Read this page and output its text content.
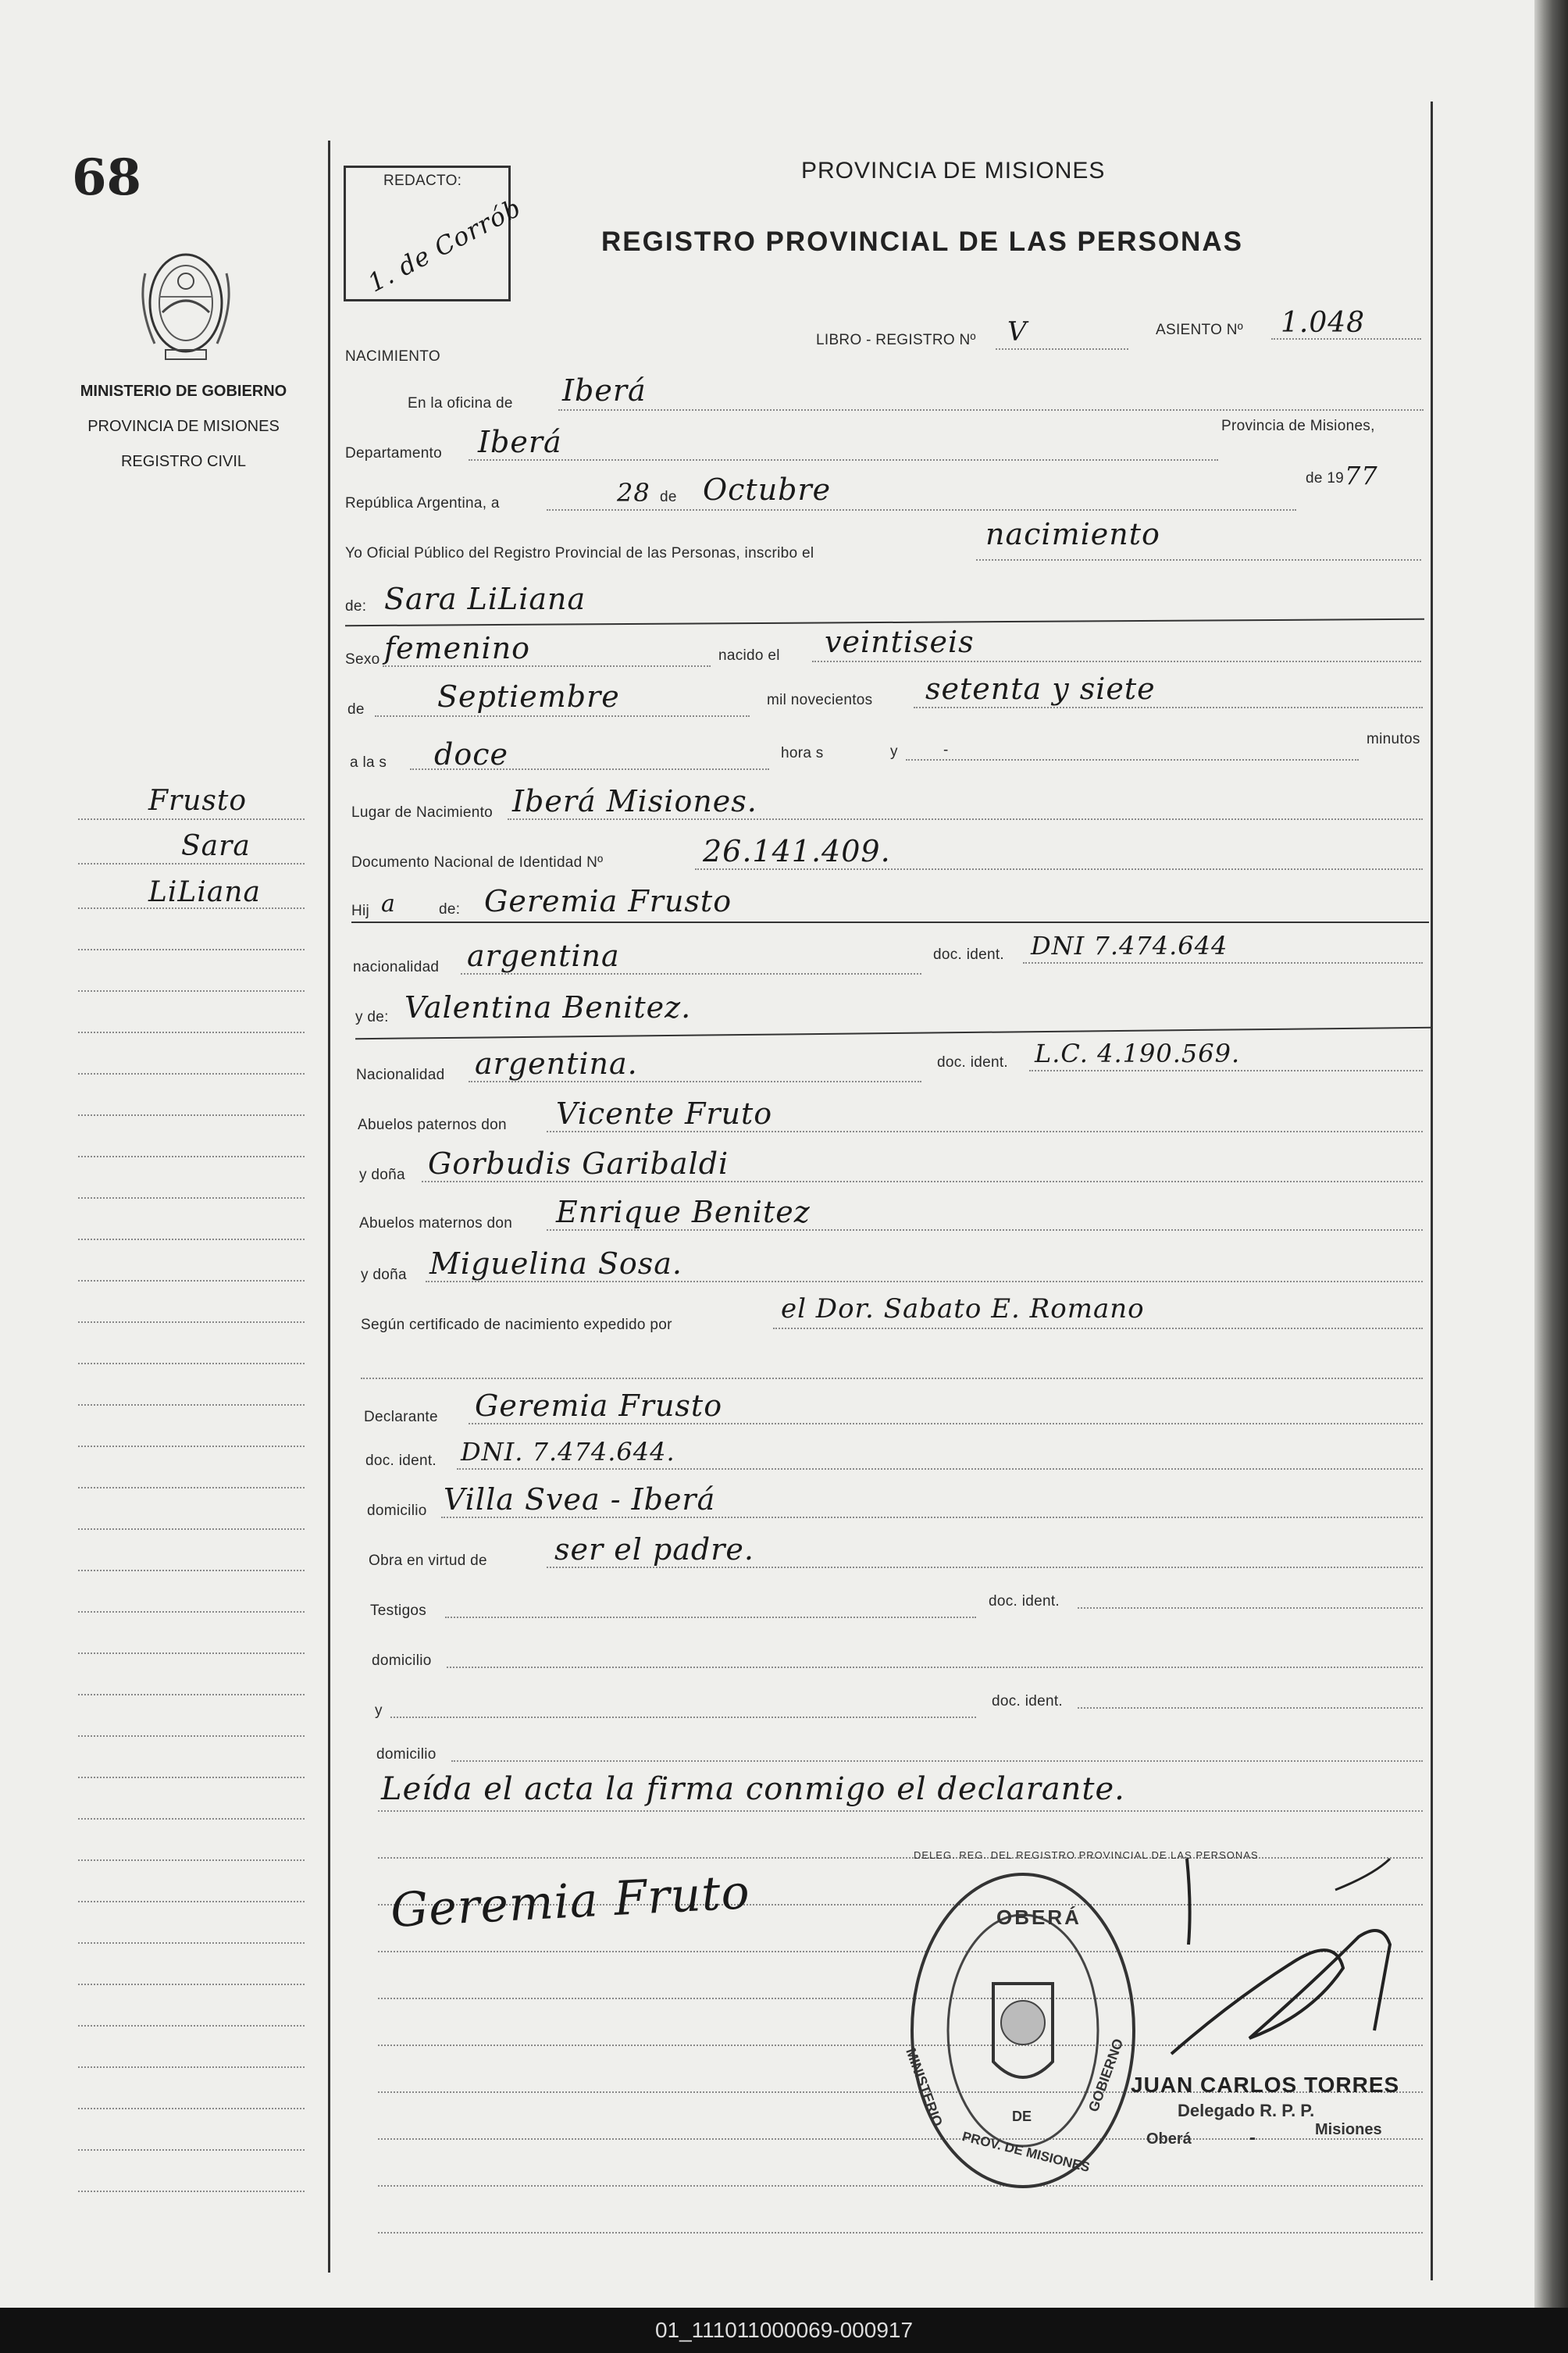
68
MINISTERIO DE GOBIERNO
PROVINCIA DE MISIONES
REGISTRO CIVIL
Frusto
Sara
LiLiana
REDACTO:
1. de Corrób
PROVINCIA DE MISIONES
REGISTRO PROVINCIAL DE LAS PERSONAS
LIBRO - REGISTRO Nº V	ASIENTO Nº 1.048
NACIMIENTO
En la oficina de Iberá
Departamento Iberá	Provincia de Misiones,
República Argentina, a	28 de Octubre	de 19 77
Yo Oficial Público del Registro Provincial de las Personas, inscribo el
nacimiento
de: Sara LiLiana
Sexo femenino	nacido el veintiseis
de Septiembre	mil novecientos setenta y siete
a la s doce	hora s	y	-
minutos
Lugar de Nacimiento Iberá Misiones.
Documento Nacional de Identidad Nº	26.141.409.
Hij a	de: Geremia Frusto
nacionalidad argentina	doc. ident. DNI 7.474.644
y de: Valentina Benitez.
Nacionalidad argentina.	doc. ident. L.C. 4.190.569.
Abuelos paternos don Vicente Fruto
y doña Gorbudis Garibaldi
Abuelos maternos don Enrique Benitez
y doña Miguelina Sosa.
Según certificado de nacimiento expedido por
el Dor. Sabato E. Romano
Declarante Geremia Frusto
doc. ident. DNI. 7.474.644.
domicilio Villa Svea - Iberá
Obra en virtud de ser el padre.
Testigos
doc. ident.
domicilio
y
doc. ident.
domicilio
Leída el acta la firma conmigo el declarante.
Geremia Fruto	OBERÁ
DELEG. REG. DEL REGISTRO PROVINCIAL DE LAS PERSONAS
MINISTERIO	DE
GOBIERNO
PROV. DE MISIONES
JUAN CARLOS TORRES
Delegado R. P. P.
Oberá	-	Misiones
01_111011000069-000917
